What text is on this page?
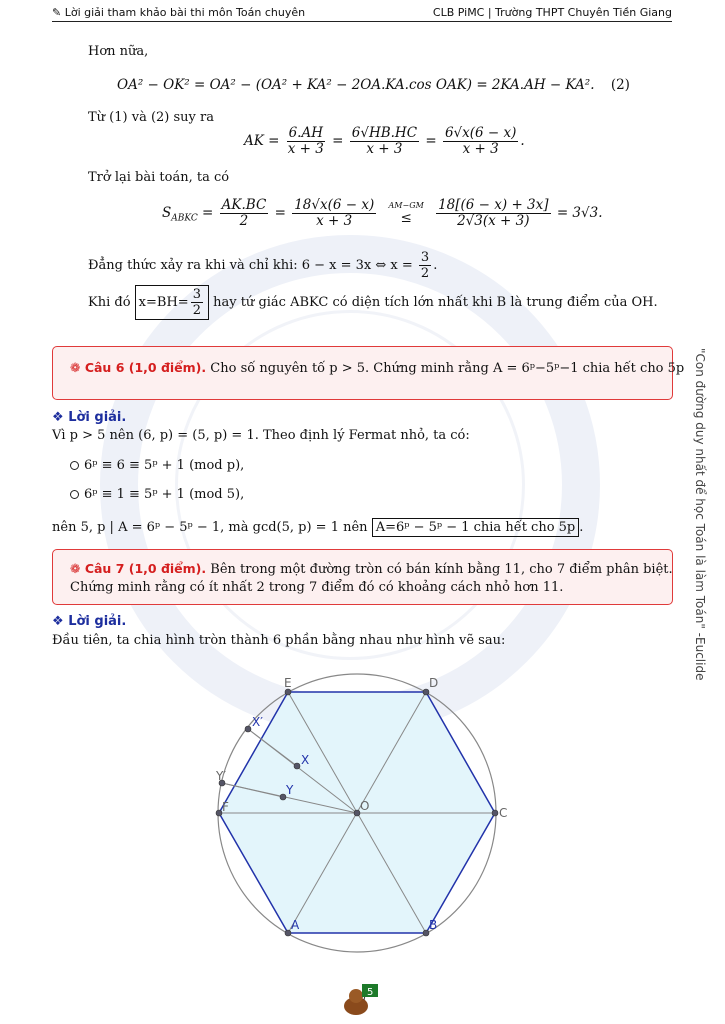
✎ Lời giải tham khảo bài thi môn Toán chuyên	CLB PiMC | Trường THPT Chuyên Tiền Giang
Hơn nữa,
OA² − OK² = OA² − (OA² + KA² − 2OA.KA.cos OAK) = 2KA.AH − KA². (2)
Từ (1) và (2) suy ra
AK = $\frac{6.AH}{x + 3} = \frac{6√HB.HC}{x + 3} = \frac{6√x(6 - x)}{x + 3}$ .
Trở lại bài toán, ta có
$S_{ABKC} = \frac{AK.BC}{2} = \frac{18√x(6 - x)}{x + 3}$
AM−GM
≤
$\frac{18[(6 - x) + 3x]}{2√3(x + 3)} = 3√3$.
Đẳng thức xảy ra khi và chỉ khi: 6 − x = 3x ⇔ $x = \frac{3}{2}$ .
Khi đó $x=BH= \frac{3}{2}$ hay tứ giác ABKC có diện tích lớn nhất khi B là trung điểm của OH.
❁ Câu 6 (1,0 điểm). Cho số nguyên tố p > 5. Chứng minh rằng A = 6ᵖ−5ᵖ−1 chia hết cho 5p
❖ Lời giải.
Vì p > 5 nên (6, p) = (5, p) = 1. Theo định lý Fermat nhỏ, ta có:
6ᵖ ≡ 6 ≡ 5ᵖ + 1 (mod p),
6ᵖ ≡ 1 ≡ 5ᵖ + 1 (mod 5),
nên 5, p | A = 6ᵖ − 5ᵖ − 1, mà gcd(5, p) = 1 nên A=6ᵖ − 5ᵖ − 1 chia hết cho 5p .
❁ Câu 7 (1,0 điểm). Bên trong một đường tròn có bán kính bằng 11, cho 7 điểm phân biệt.
Chứng minh rằng có ít nhất 2 trong 7 điểm đó có khoảng cách nhỏ hơn 11.
❖ Lời giải.
Đầu tiên, ta chia hình tròn thành 6 phần bằng nhau như hình vẽ sau:
E	D
C
B
A
F	O
X
Y
X′
Y′
"Con đường duy nhất để học Toán là làm Toán" -Euclide
5
